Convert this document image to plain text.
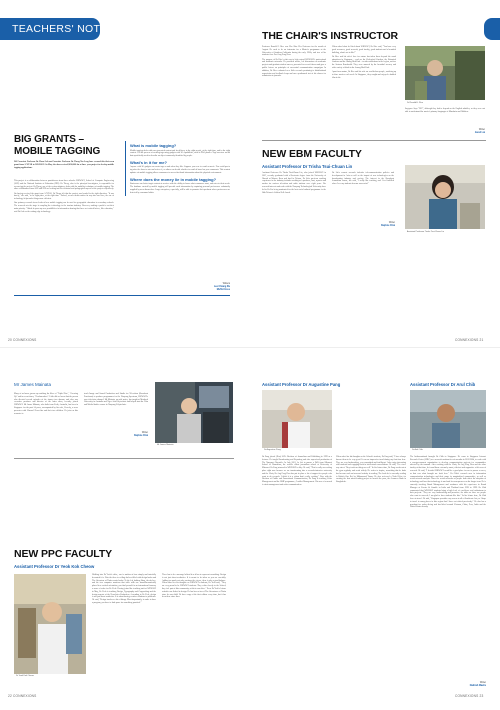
TEACHERS' NOTES
BIG GRANTS – MOBILE TAGGING
DSI Associate Professor Dr Flora Goh and Associate Professor Dr Theng Yin Leng have secured this their own grant from A*STAR to WKWSCI. In May, the duo received $650,000 for a three year project to develop mobile tagging applications.

This project is a collaboration between practitioners from three schools: WKWSCI, School of Computer Engineering (SCE) and the National Institute of Education (NIE). Dr Theng, who is the principal investigator, is responsible for overseeing the project. Dr Theng, one of the co-investigators, deals with the usability techniques of mobile tagging. The other collaborators from SCE and NIE are looking into the technical and pedagogical aspects of the project respectively.

On having received the grant from A*STAR, Dr Theng felt that the project was headed in the right direction. "It was timely," she said, "to be right place, at the right time". Indeed, as new media makes its way into our lives, the use of technology helps make things more efficient.

One primary research focus looks at how mobile tagging can be used for geographic education in secondary schools. The research sets the stage in coupling the technology to the tourism industry. However, making a profit is not their main priority. "I think it opens up new possibilities in information sharing that have not existed before, like education," said Dr Goh on the cutting edge technology.

What is mobile tagging?

Mobile tagging deals with user-generated content and its delivery to the right people, at the right time, and in the right context. It is the process of creating tags using gadgets with 3G capabilities, such as PDA phones. Tags can store useful data specifically used to describe an object commonly identified by people.

What's in it for me?

Anyone with 3G gadgets can create tags as and when they like. Suppose you were to watch a movie. You could post a tag after the show to rate and review it, so others can decide whether to watch it based on your comments. This content updates via mobile tagging allows consumers to access first hand information about the physical environment.

Where does the money lie in mobile tagging?

Businesses can better target content at services with the ability to know what consumers want, and cater to their needs. The database created by mobile tagging will provide such information by capturing personal preferences voluntarily supplied by users themselves. Large enterprises, especially, will be able to promote their products where preferences are detected by consumer habits.

Writers
Lee Chiang Ru
Muffet Goss
20 CONNEXIONS
THE CHAIR'S INSTRUCTOR

Professor Ronald E. Rice was Wee Kim Wee Professor for the month of August. He used to be an instructor for a Master's programme at the University of Southern California during the early 1980s, and two of his students were Prof Ang Peng Hwa.

The purpose of Dr Rice's visit was to help extend WKWSCI's professional and academic networks. He provided advice, led discussions on academic projects and graduate student careers, presented to several classes and gave a public lecture on principles of successful communication campaigns. In addition, Dr Rice evaluated on a little research pertaining to distributional supervision and feedback loops and ran a postlaunch test of his classes for submission to journals.

When asked what he liked about WKWSCI, Dr Rice said, "You have very good resources, good research, good faculty, good students and a beautiful building, what's not to like?"

Dr Rice and his wife's love for nature has taken them beyond the usual attractions in Singapore – such as the Zoological Gardens, the Botanical Gardens and the Jurong Bird Park – to other attractions in the region, such as the Sentosa Boardwalk. They were amazed by the beautiful scenery and wide variety of birds in the Jurong Bird Park.

Apart from nature, Dr Rice and his wife are world-class people, watching up to three movies each week. In Singapore, they caught and enjoyed a dubbed film in the

Dr Ronald E. Rice
Sugoyan. Says "N07", although they had to depend on the English subtitles, as they were not able to understand the movie's primary languages of Mandarin and Hokkien.
Writer
Jared Lai
NEW EBM FACULTY
Assistant Professor Dr Trisha Tsui-Chuan Lin
Assistant Professor Dr Trisha Tsui-Chuan Lin, who joined WKWSCI in 2007, recently graduated with a Doctorate degree from the University of Hawaii at Manoa. Born and bred in Taiwan, Dr Lin's previous working experience in the industry includes working as a producer, host, reporter and anchor for various television and radio stations over eight years. Her research interests and work with the Nanyang Technological University have led to Dr Lin being nominated for the best social cultural programme in the 34th Taiwan's Golden Bell Award.
Dr Lin's current research includes telecommunication policies and development in Asia as well as the impact of new technologies on the broadcasting industry and society. The interest in the Broadcast Journalism course, she said, "I really like teaching, and I feel fulfilled when I see my students become successful."
Writer
Daphne Chai
Assistant Professor Trisha Tsui-Chuan Lin
CONNEXIONS 21
Mr James Mainata
Many of us know grown up watching the likes of "Triple Nine", "Growing Up" and in recent times, "Peachmeadow". Little did we know that the person who directed several episodes of the former two dramas, and who was executive producer and director of the latter show, recently joined WKWSCI. Mr James Mainata, who hails from Perth, Australia, has been in Singapore for the past 14 years, accompanied by his wife, Beverly, a news presenter with Channel NewsAsia and their two children. He joins us this semester to
teach Image and Sound Production and Studio for Television (Broadcast Practicum) to produce programmes for the Nanyang Spectrum, WKWSCI's own television channel. Mr Mainata, an avid surfer, has taught at Murdoch University in Australia and Ngee Ann Polytechnic and helped start the Film and Media Studies course in Nanyang Polytechnic.
Writer
Daphne Chai
Mr James Mainata
NEW PPC FACULTY
Assistant Professor Dr Yeok Kok Cheow
Dr Yeok Kok Cheow
Walking into Dr Yeok's office, one is smitten at how simply and tastefully decorated it is. Note the three to ceiling shelves filled with design books and The Adventure of Tintin comic books. To the left, bathing Sting, the shelves, and the two computer monitors that table with one monochromatically placed in a vertical orientation, you find yourself in an international faraway a sense of order for Dr Yeok. Having joined the teaching staff at WKWSCI in May, Dr Yeok is teaching Design, Typography and Copywriting and the design aspects of the Newsletter Production. According to Dr Yeok, design is not just about aesthetics. It is about having creative solutions to problems. He said, "Design involves a lot of things. Most importantly, in order to have a program, you have to find space for something practical."
There has to be a message behind it as it has to represent something. Design is not just about aesthetics. It is meant to be taken as you are carefully. Adding too much not only confuses the viewer, there is also a good balance. When asked for his thoughts on WKWSCI's students, Dr Yeok said, "They are very proud to be WKWSCI students. They relate closely to the School; they feel part of this community; at their own drive." Even Dr Yeok's leisure activities are linked to design. He has been a fan of The Adventures of Tintin since he was child. He has a copy of the first edition every time, but it has been there since then.
22 CONNEXIONS
Assistant Professor Dr Augustine Pang	Assistant Professor Dr Arul Chib
Dr Augustine Pang	Dr Arul Chib
Dr Pang joined (Hon) SCI's Division of Journalism and Publishing in 1999 as a lecturer. He taught Broadcasting and Reporting and also supervised production of The Nanyang Chronicle. In July 2001, he left to pursue a PhD from Missouri School of Journalism, the world's oldest journalism school at University of Missouri. Dr Pang returned to WKWSCI in July. He said, "This is really an exciting place right now because we are transforming into a research-intensive university and the Chair, Dr Ang Peng Hwa has put in place a lot of support for people who want to do research. I think it is a vision that's really exciting." Now with the Division of Public and Promotional Communication, Dr Pang is teaching Crisis Management and the BMP programme, Conflict Management. His area of research is crisis management and crisis communication.
When asked for his thoughts on the School's students, Dr Pang said, "I have always known them to be very good. It was an impressive trend during my first time here. They are very hardworking, very committed and intelligent. I also enjoy interacting with students and engaging them in intellectual conversations. He said, "It's a two-way street. They teach me things as well." In his leisure time, Dr Pang works out at the gym regularly and reads widely. He writes to inspire, something that he finds has become such an increased activity in reading. The book he is currently reading is Rubin's One Bet by Muhammed Yunus. He also reviewed a Nobel Prize for creating the first micro-lending project to benefit the poor, the Grameen Bank in Bangladesh.
The Indian-national brought Dr Chib to Singapore. He came to Singapore Internet Research Centre (SIRC) as a research assistant for six months in 2003/2004, to work with a non-government organisation to develop communication projects for communities affected by the tsunami. After working with the Chair, Dr Ang Peng Hwa and the other faculty at that time, he found them extremely smart, efficient and supportive of his area of research. He said, "I decided WKWSCI would be a good place for me to pursue a career, as that was what brought me back here." Dr Chib's research area in information communication technologies and their usage in marginalised communities, as well as social network analysis. Since the social networks of people both affect the adoption of technology and how that technology is used and its consequences on the longer term. He is currently teaching Brand Management and continues with his experience in Brand Manager at Procter & Gamble in India and Thailand from 1995 to 1999. Dr Chib commented that WKWSCI students bring a high level of excellence and enthusiasm to their projects. "They are very hardworking and proactive; the talks are there are people who want to succeed; I am glad to have students like this." In his leisure time, Dr Chib loves to travel. He said, "Singapore provides easy access to all of Southeast Asia, so I hope to travel to many places in this region that I have not visited previously." He also has a penchant for scuba diving and has hiked around Vietnam, China, Peru, India and the United States already.
Writer
Nadirah Maelis
CONNEXIONS 23
